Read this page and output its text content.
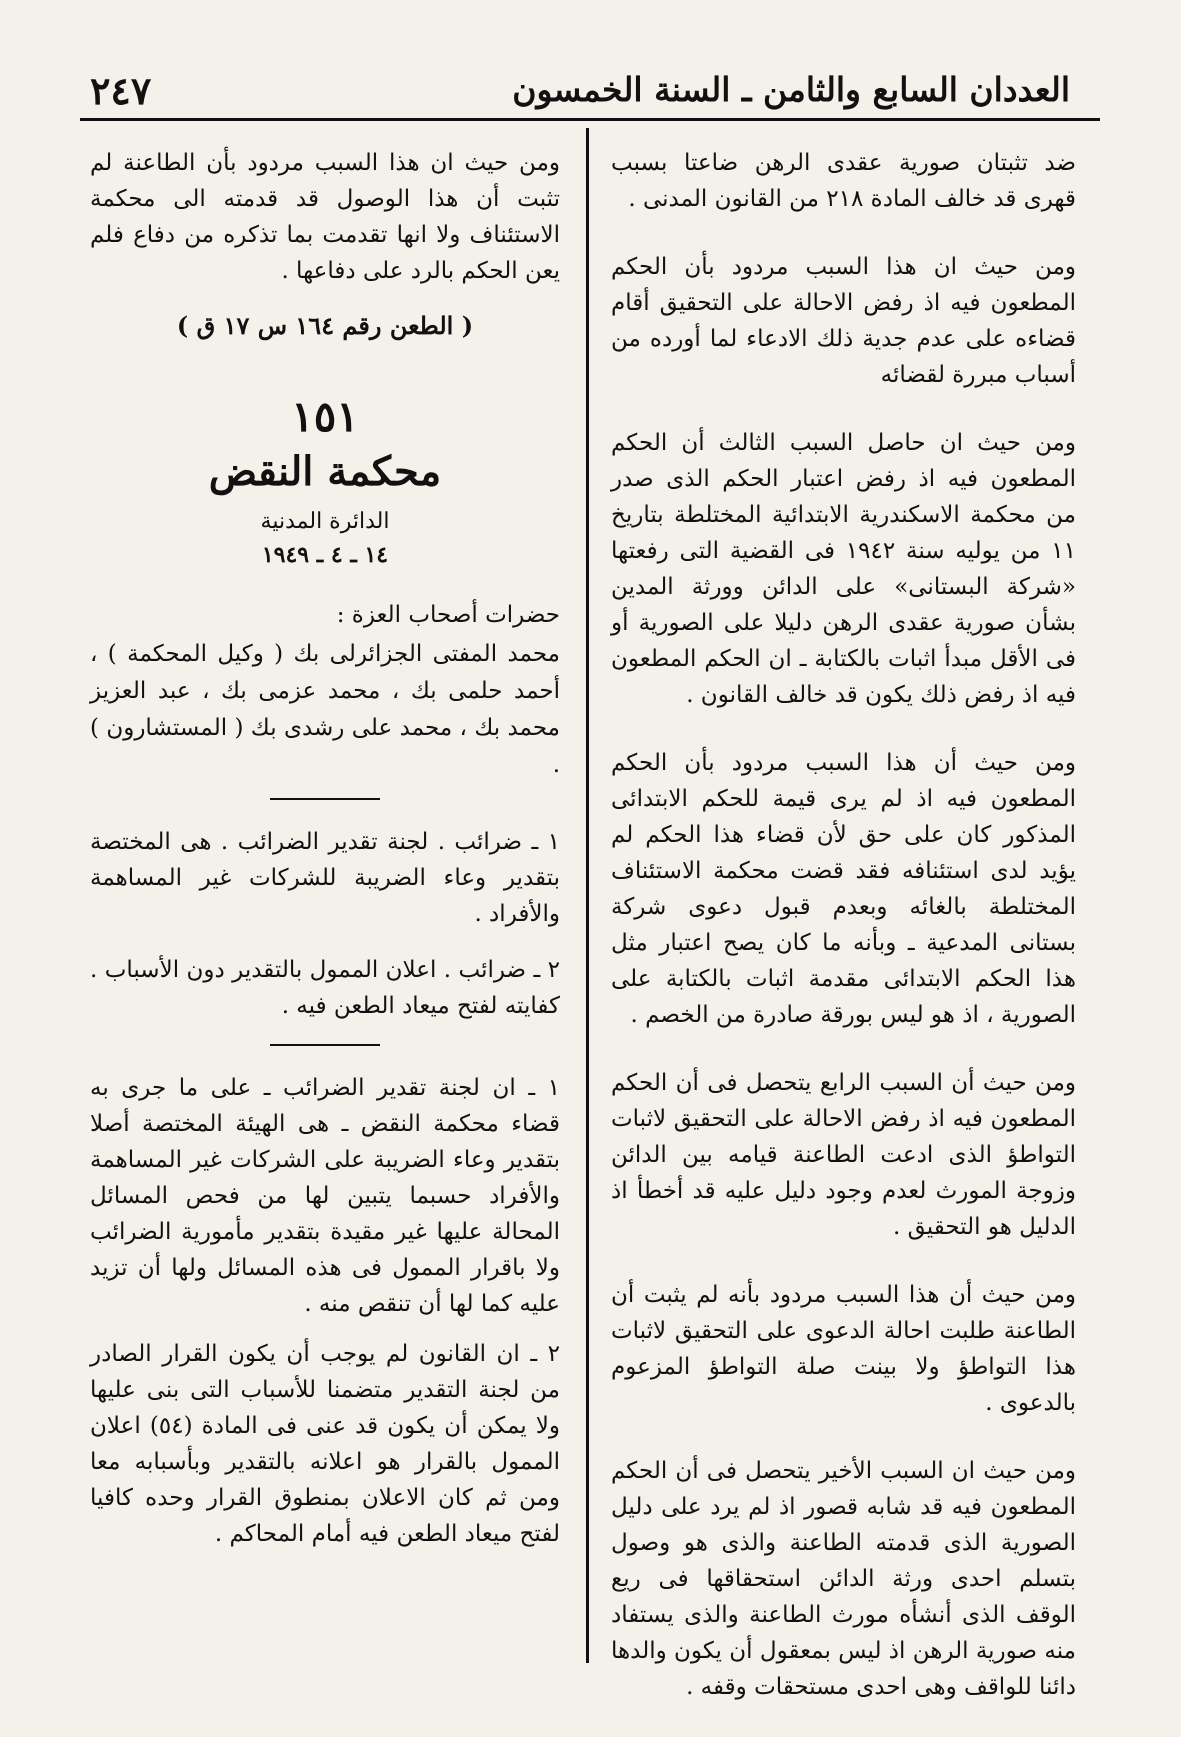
العددان السابع والثامن ـ السنة الخمسون
٢٤٧

ضد تثبتان صورية عقدى الرهن ضاعتا بسبب قهرى قد خالف المادة ٢١٨ من القانون المدنى .

ومن حيث ان هذا السبب مردود بأن الحكم المطعون فيه اذ رفض الاحالة على التحقيق أقام قضاءه على عدم جدية ذلك الادعاء لما أورده من أسباب مبررة لقضائه

ومن حيث ان حاصل السبب الثالث أن الحكم المطعون فيه اذ رفض اعتبار الحكم الذى صدر من محكمة الاسكندرية الابتدائية المختلطة بتاريخ ١١ من يوليه سنة ١٩٤٢ فى القضية التى رفعتها «شركة البستانى» على الدائن وورثة المدين بشأن صورية عقدى الرهن دليلا على الصورية أو فى الأقل مبدأ اثبات بالكتابة ـ ان الحكم المطعون فيه اذ رفض ذلك يكون قد خالف القانون .

ومن حيث أن هذا السبب مردود بأن الحكم المطعون فيه اذ لم يرى قيمة للحكم الابتدائى المذكور كان على حق لأن قضاء هذا الحكم لم يؤيد لدى استئنافه فقد قضت محكمة الاستئناف المختلطة بالغائه وبعدم قبول دعوى شركة بستانى المدعية ـ وبأنه ما كان يصح اعتبار مثل هذا الحكم الابتدائى مقدمة اثبات بالكتابة على الصورية ، اذ هو ليس بورقة صادرة من الخصم .

ومن حيث أن السبب الرابع يتحصل فى أن الحكم المطعون فيه اذ رفض الاحالة على التحقيق لاثبات التواطؤ الذى ادعت الطاعنة قيامه بين الدائن وزوجة المورث لعدم وجود دليل عليه قد أخطأ اذ الدليل هو التحقيق .

ومن حيث أن هذا السبب مردود بأنه لم يثبت أن الطاعنة طلبت احالة الدعوى على التحقيق لاثبات هذا التواطؤ ولا بينت صلة التواطؤ المزعوم بالدعوى .

ومن حيث ان السبب الأخير يتحصل فى أن الحكم المطعون فيه قد شابه قصور اذ لم يرد على دليل الصورية الذى قدمته الطاعنة والذى هو وصول بتسلم احدى ورثة الدائن استحقاقها فى ريع الوقف الذى أنشأه مورث الطاعنة والذى يستفاد منه صورية الرهن اذ ليس بمعقول أن يكون والدها دائنا للواقف وهى احدى مستحقات وقفه .

ومن حيث ان هذا السبب مردود بأن الطاعنة لم تثبت أن هذا الوصول قد قدمته الى محكمة الاستئناف ولا انها تقدمت بما تذكره من دفاع فلم يعن الحكم بالرد على دفاعها .

( الطعن رقم ١٦٤ س ١٧ ق )
١٥١
محكمة النقض
الدائرة المدنية
١٤ ـ ٤ ـ ١٩٤٩
حضرات أصحاب العزة :

محمد المفتى الجزائرلى بك ( وكيل المحكمة ) ، أحمد حلمى بك ، محمد عزمى بك ، عبد العزيز محمد بك ، محمد على رشدى بك ( المستشارون ) .

١ ـ ضرائب . لجنة تقدير الضرائب . هى المختصة بتقدير وعاء الضريبة للشركات غير المساهمة والأفراد .

٢ ـ ضرائب . اعلان الممول بالتقدير دون الأسباب . كفايته لفتح ميعاد الطعن فيه .

١ ـ ان لجنة تقدير الضرائب ـ على ما جرى به قضاء محكمة النقض ـ هى الهيئة المختصة أصلا بتقدير وعاء الضريبة على الشركات غير المساهمة والأفراد حسبما يتبين لها من فحص المسائل المحالة عليها غير مقيدة بتقدير مأمورية الضرائب ولا باقرار الممول فى هذه المسائل ولها أن تزيد عليه كما لها أن تنقص منه .

٢ ـ ان القانون لم يوجب أن يكون القرار الصادر من لجنة التقدير متضمنا للأسباب التى بنى عليها ولا يمكن أن يكون قد عنى فى المادة (٥٤) اعلان الممول بالقرار هو اعلانه بالتقدير وبأسبابه معا ومن ثم كان الاعلان بمنطوق القرار وحده كافيا لفتح ميعاد الطعن فيه أمام المحاكم .
